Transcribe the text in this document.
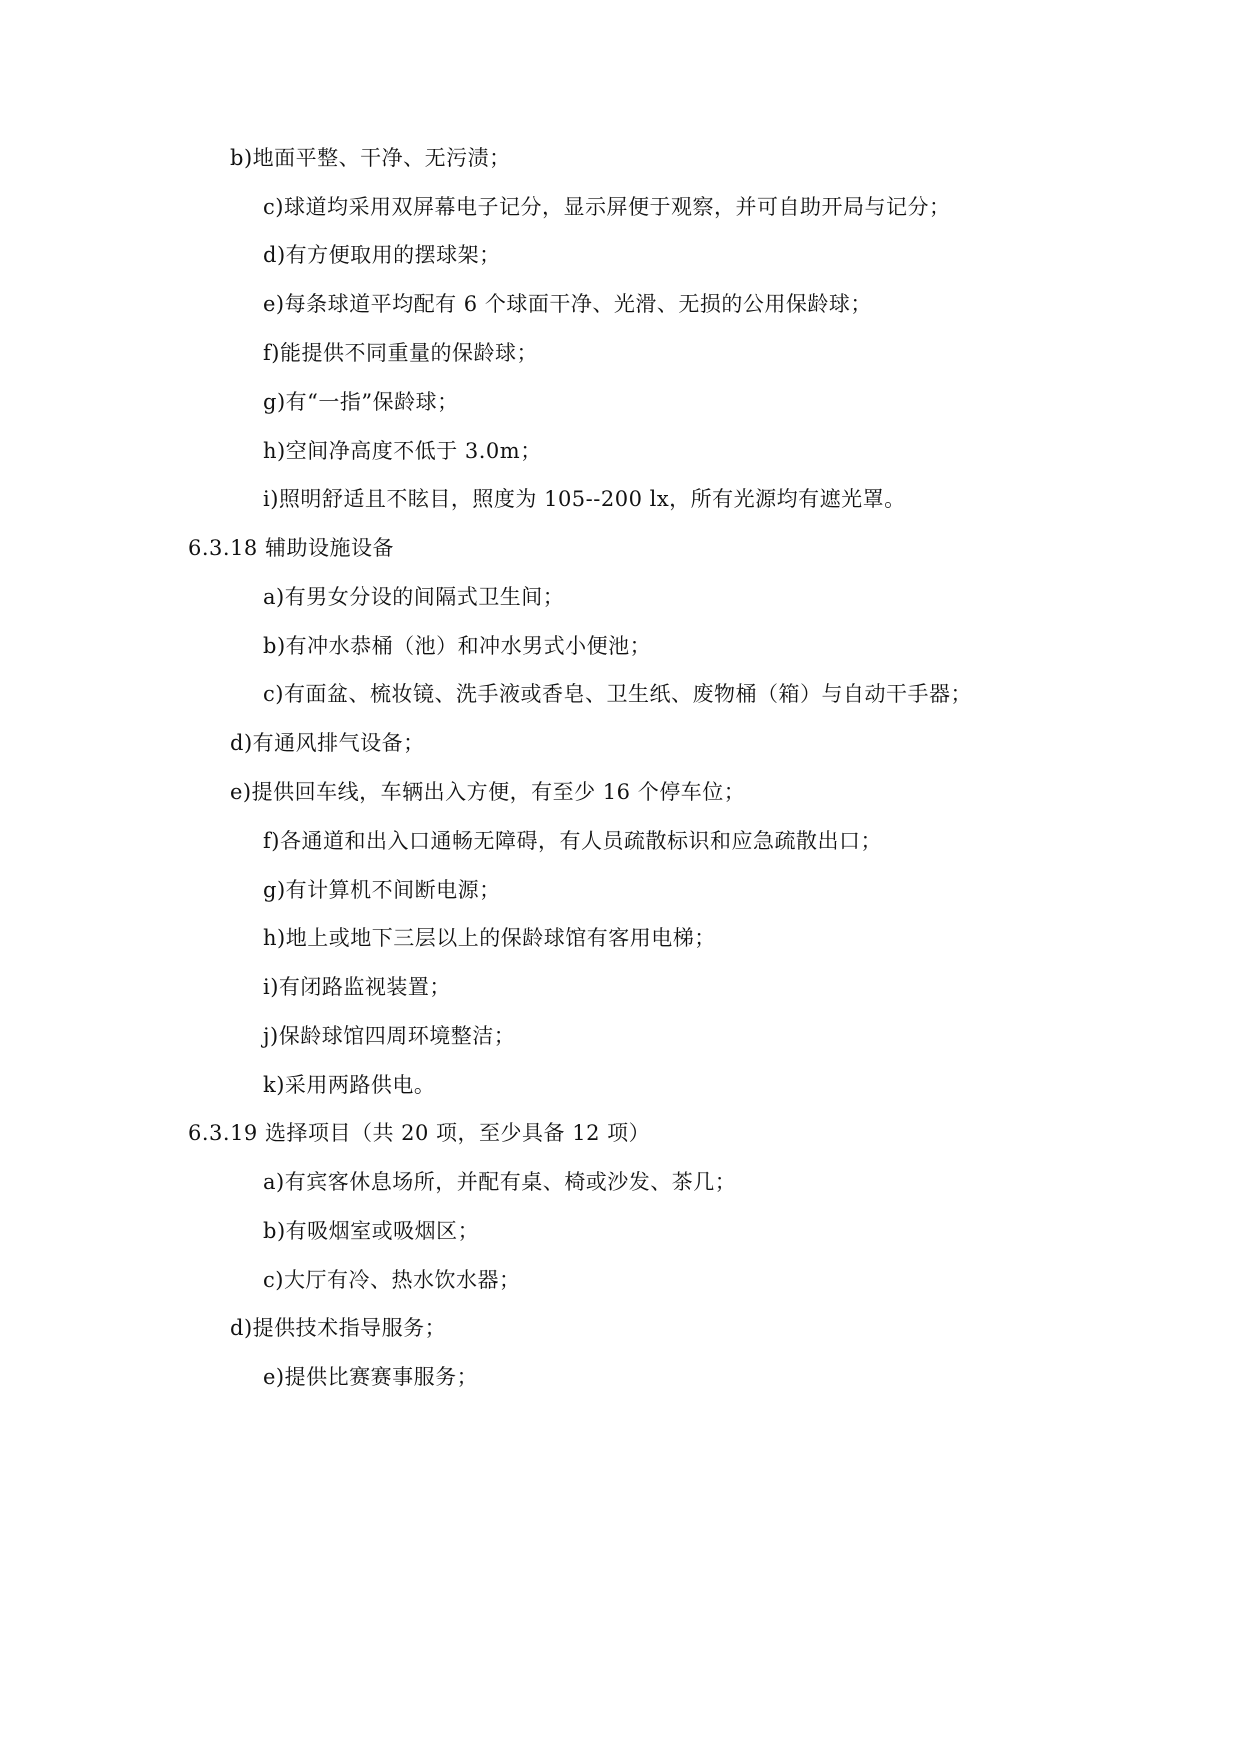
b)地面平整、干净、无污渍；
c)球道均采用双屏幕电子记分，显示屏便于观察，并可自助开局与记分；
d)有方便取用的摆球架；
e)每条球道平均配有 6 个球面干净、光滑、无损的公用保龄球；
f)能提供不同重量的保龄球；
g)有“一指”保龄球；
h)空间净高度不低于 3.0m；
i)照明舒适且不眩目，照度为 105--200 lx，所有光源均有遮光罩。
6.3.18 辅助设施设备
a)有男女分设的间隔式卫生间；
b)有冲水恭桶（池）和冲水男式小便池；
c)有面盆、梳妆镜、洗手液或香皂、卫生纸、废物桶（箱）与自动干手器；
d)有通风排气设备；
e)提供回车线，车辆出入方便，有至少 16 个停车位；
f)各通道和出入口通畅无障碍，有人员疏散标识和应急疏散出口；
g)有计算机不间断电源；
h)地上或地下三层以上的保龄球馆有客用电梯；
i)有闭路监视装置；
j)保龄球馆四周环境整洁；
k)采用两路供电。
6.3.19 选择项目（共 20 项，至少具备 12 项）
a)有宾客休息场所，并配有桌、椅或沙发、茶几；
b)有吸烟室或吸烟区；
c)大厅有冷、热水饮水器；
d)提供技术指导服务；
e)提供比赛赛事服务；
